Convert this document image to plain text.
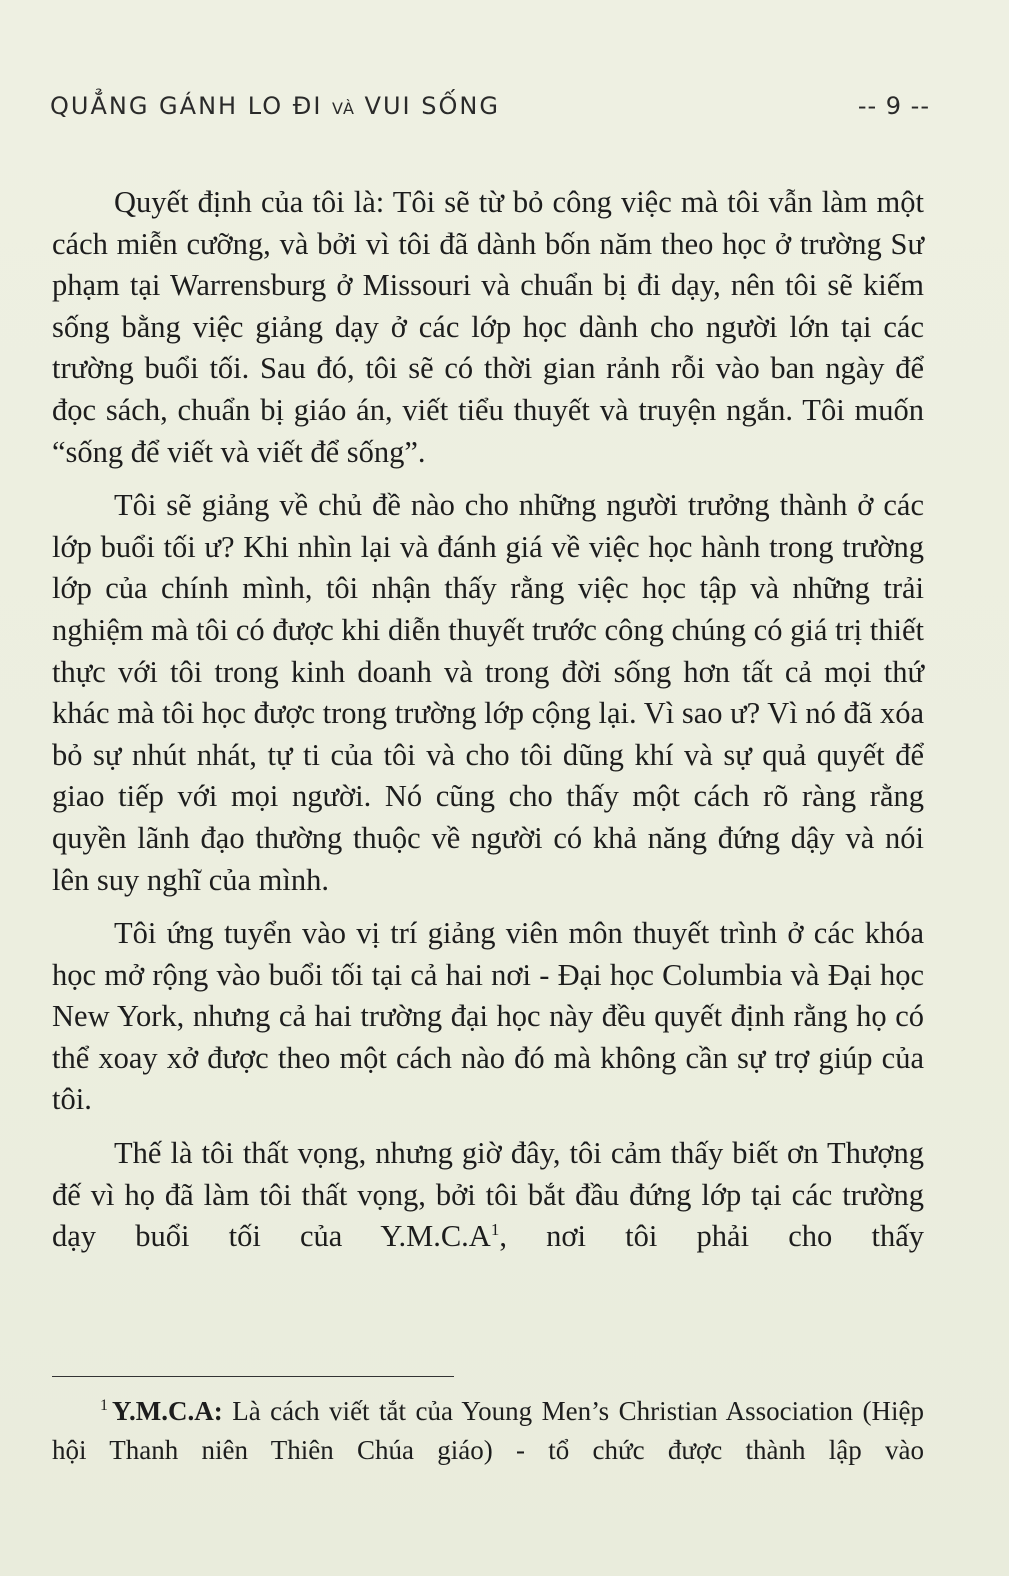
QUẲNG GÁNH LO ĐI VÀ VUI SỐNG	-- 9 --

Quyết định của tôi là: Tôi sẽ từ bỏ công việc mà tôi vẫn làm một cách miễn cưỡng, và bởi vì tôi đã dành bốn năm theo học ở trường Sư phạm tại Warrensburg ở Missouri và chuẩn bị đi dạy, nên tôi sẽ kiếm sống bằng việc giảng dạy ở các lớp học dành cho người lớn tại các trường buổi tối. Sau đó, tôi sẽ có thời gian rảnh rỗi vào ban ngày để đọc sách, chuẩn bị giáo án, viết tiểu thuyết và truyện ngắn. Tôi muốn “sống để viết và viết để sống”.

Tôi sẽ giảng về chủ đề nào cho những người trưởng thành ở các lớp buổi tối ư? Khi nhìn lại và đánh giá về việc học hành trong trường lớp của chính mình, tôi nhận thấy rằng việc học tập và những trải nghiệm mà tôi có được khi diễn thuyết trước công chúng có giá trị thiết thực với tôi trong kinh doanh và trong đời sống hơn tất cả mọi thứ khác mà tôi học được trong trường lớp cộng lại. Vì sao ư? Vì nó đã xóa bỏ sự nhút nhát, tự ti của tôi và cho tôi dũng khí và sự quả quyết để giao tiếp với mọi người. Nó cũng cho thấy một cách rõ ràng rằng quyền lãnh đạo thường thuộc về người có khả năng đứng dậy và nói lên suy nghĩ của mình.

Tôi ứng tuyển vào vị trí giảng viên môn thuyết trình ở các khóa học mở rộng vào buổi tối tại cả hai nơi - Đại học Columbia và Đại học New York, nhưng cả hai trường đại học này đều quyết định rằng họ có thể xoay xở được theo một cách nào đó mà không cần sự trợ giúp của tôi.

Thế là tôi thất vọng, nhưng giờ đây, tôi cảm thấy biết ơn Thượng đế vì họ đã làm tôi thất vọng, bởi tôi bắt đầu đứng lớp tại các trường dạy buổi tối của $Y.M.C.A^1$, nơi tôi phải cho thấy

$^1$ Y.M.C.A: Là cách viết tắt của Young Men’s Christian Association (Hiệp hội Thanh niên Thiên Chúa giáo) - tổ chức được thành lập vào
